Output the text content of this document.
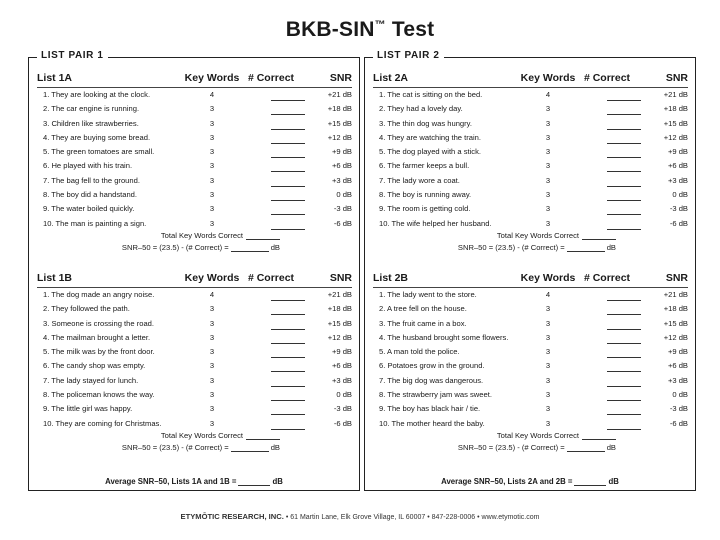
BKB-SIN™ Test
LIST PAIR 1
List 1A	Key Words # Correct	SNR
1. They are looking at the clock.	4	+21 dB
2. The car engine is running.	3	+18 dB
3. Children like strawberries.	3	+15 dB
4. They are buying some bread.	3	+12 dB
5. The green tomatoes are small.	3	+9 dB
6. He played with his train.	3	+6 dB
7. The bag fell to the ground.	3	+3 dB
8. The boy did a handstand.	3	0 dB
9. The water boiled quickly.	3	-3 dB
10. The man is painting a sign.	3	-6 dB
Total Key Words Correct
SNR–50 = (23.5) - (# Correct) =	dB
List 1B	Key Words # Correct	SNR
1. The dog made an angry noise.	4	+21 dB
2. They followed the path.	3	+18 dB
3. Someone is crossing the road.	3	+15 dB
4. The mailman brought a letter.	3	+12 dB
5. The milk was by the front door.	3	+9 dB
6. The candy shop was empty.	3	+6 dB
7. The lady stayed for lunch.	3	+3 dB
8. The policeman knows the way.	3	0 dB
9. The little girl was happy.	3	-3 dB
10. They are coming for Christmas.	3	-6 dB
Total Key Words Correct
SNR–50 = (23.5) - (# Correct) =	dB
Average SNR–50, Lists 1A and 1B =	dB
LIST PAIR 2
List 2A	Key Words # Correct	SNR
1. The cat is sitting on the bed.	4	+21 dB
2. They had a lovely day.	3	+18 dB
3. The thin dog was hungry.	3	+15 dB
4. They are watching the train.	3	+12 dB
5. The dog played with a stick.	3	+9 dB
6. The farmer keeps a bull.	3	+6 dB
7. The lady wore a coat.	3	+3 dB
8. The boy is running away.	3	0 dB
9. The room is getting cold.	3	-3 dB
10. The wife helped her husband.	3	-6 dB
Total Key Words Correct
SNR–50 = (23.5) - (# Correct) =	dB
List 2B	Key Words # Correct	SNR
1. The lady went to the store.	4	+21 dB
2. A tree fell on the house.	3	+18 dB
3. The fruit came in a box.	3	+15 dB
4. The husband brought some flowers.	3	+12 dB
5. A man told the police.	3	+9 dB
6. Potatoes grow in the ground.	3	+6 dB
7. The big dog was dangerous.	3	+3 dB
8. The strawberry jam was sweet.	3	0 dB
9. The boy has black hair / tie.	3	-3 dB
10. The mother heard the baby.	3	-6 dB
Total Key Words Correct
SNR–50 = (23.5) - (# Correct) =	dB
Average SNR–50, Lists 2A and 2B =	dB
ETYMŌTIC RESEARCH, INC. • 61 Martin Lane, Elk Grove Village, IL 60007 • 847-228-0006 • www.etymotic.com
